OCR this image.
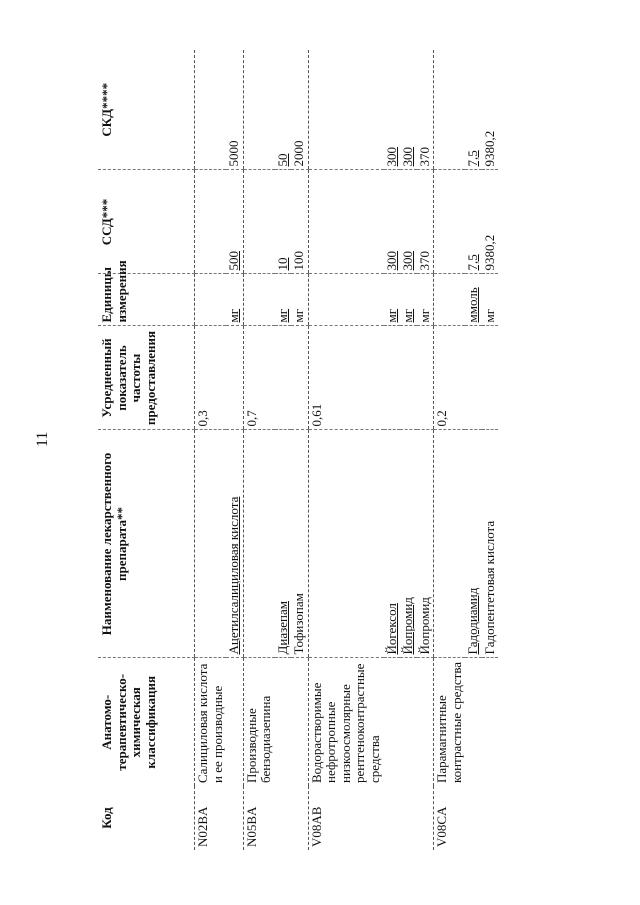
11
Код	Анатомо-терапевтическо-химическая классификация	Наименование лекарственного препарата**	Усредненный показатель частоты предоставления	Единицы измерения	ССД***	СКД****
N02BA	Салициловая кислота и ее производные		0,3			
		Ацетилсалициловая кислота		мг	500	5000
N05BA	Производные бензодиазепина		0,7			
		Диазепам		мг	10	50
		Тофизопам		мг	100	2000
V08AB	Водорастворимые нефротропные низкоосмолярные рентгеноконтрастные средства		0,61			
		Йогексол		мг	300	300
		Йопромид		мг	300	300
		Йопромид		мг	370	370
V08CA	Парамагнитные контрастные средства		0,2			
		Гадодиамид		ммоль	7,5	7,5
		Гадопентетовая кислота		мг	9380,2	9380,2
